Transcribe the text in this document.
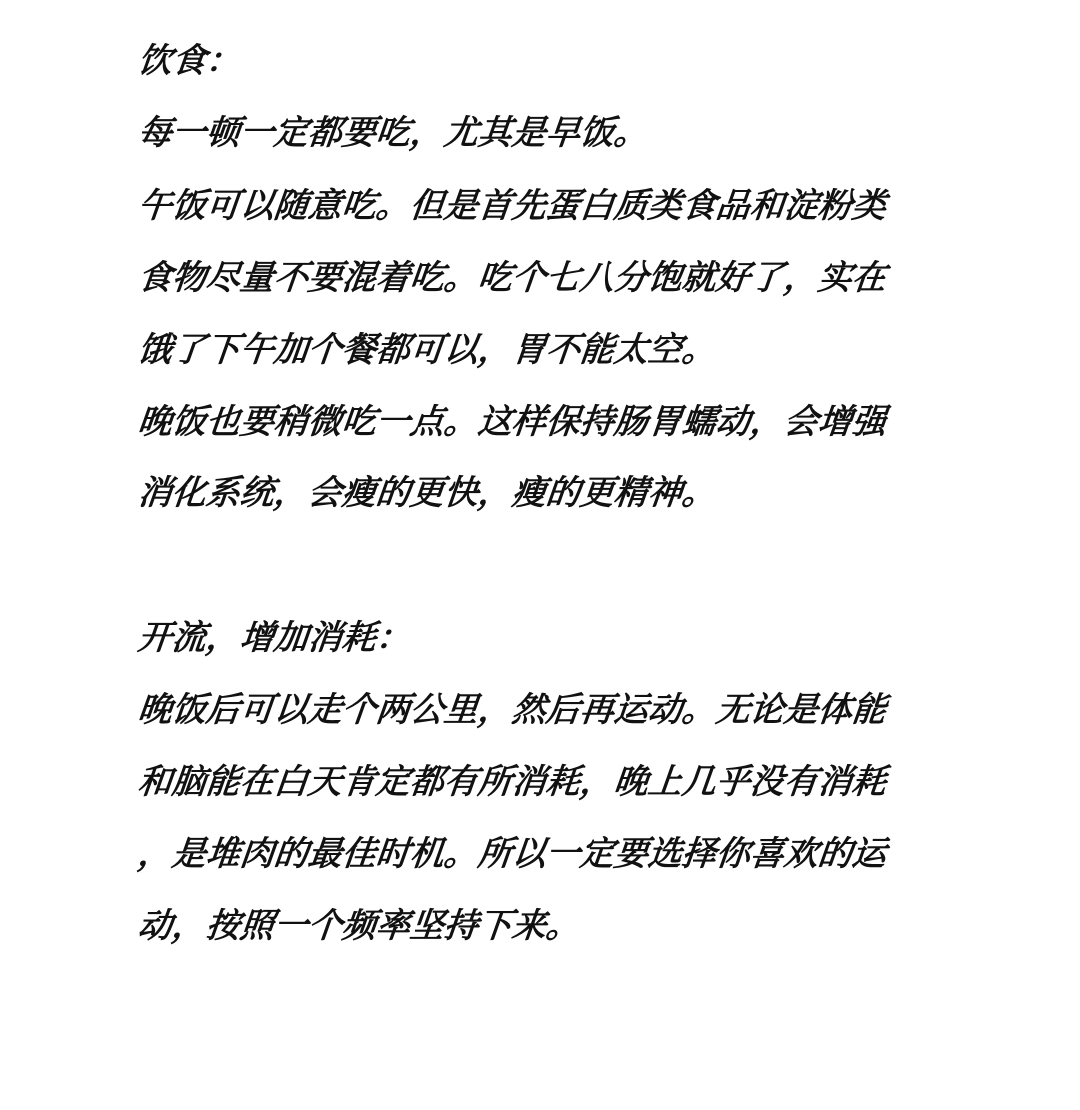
饮食：
每一顿一定都要吃，尤其是早饭。
午饭可以随意吃。但是首先蛋白质类食品和淀粉类
食物尽量不要混着吃。吃个七八分饱就好了，实在
饿了下午加个餐都可以，胃不能太空。
晚饭也要稍微吃一点。这样保持肠胃蠕动，会增强
消化系统，会瘦的更快，瘦的更精神。
开流，增加消耗：
晚饭后可以走个两公里，然后再运动。无论是体能
和脑能在白天肯定都有所消耗，晚上几乎没有消耗
，是堆肉的最佳时机。所以一定要选择你喜欢的运
动，按照一个频率坚持下来。
